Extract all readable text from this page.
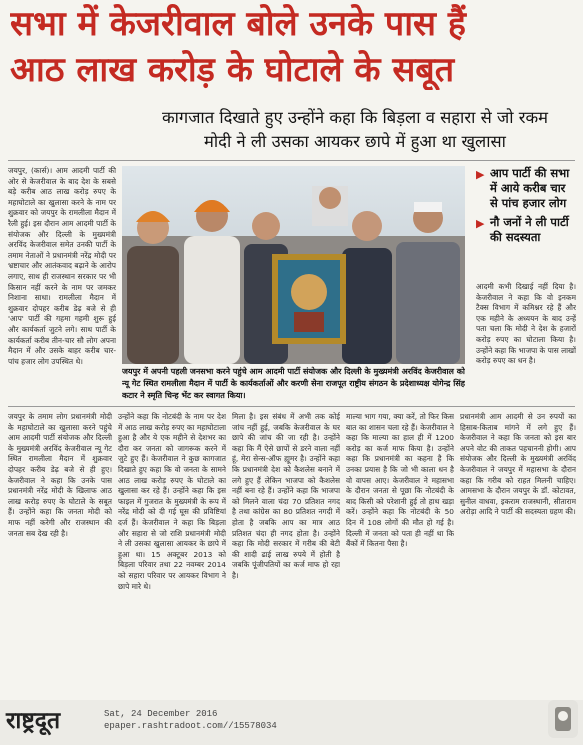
सभा में केजरीवाल बोले उनके पास हैं
आठ लाख करोड़ के घोटाले के सबूत
कागजात दिखाते हुए उन्होंने कहा कि बिड़ला व सहारा से जो रकम
मोदी ने ली उसका आयकर छापे में हुआ था खुलासा

जयपुर, (कार्स)। आम आदमी पार्टी की ओर से केजरीवाल के बाद देश के सबसे बड़े करीब आठ लाख करोड़ रुपए के महाघोटाले का खुलासा करने के नाम पर शुक्रवार को जयपुर के रामलीला मैदान में रैली हुई। इस दौरान आम आदमी पार्टी के संयोजक और दिल्ली के मुख्यमंत्री अरविंद केजरीवाल समेत उनकी पार्टी के तमाम नेताओं ने प्रधानमंत्री नरेंद्र मोदी पर भ्रष्टाचार और आतंकवाद बढ़ाने के आरोप लगाए, साथ ही राजस्थान सरकार पर भी किसान नहीं करने के नाम पर जमकर निशाना साधा। रामलीला मैदान में शुक्रवार दोपहर करीब डेढ़ बजे से ही 'आप' पार्टी की गहमा गहमी शुरू हुई और कार्यकर्ता जुटने लगे। साथ पार्टी के कार्यकर्ता करीब तीन-चार सौ लोग अपना मैदान में और उसके बाहर करीब चार-पांच हजार लोग उपस्थित थे।

जयपुर में अपनी पहली जनसभा करने पहुंचे आम आदमी पार्टी संयोजक और दिल्ली के मुख्यमंत्री अरविंद केजरीवाल को न्यू गेट स्थित रामलीला मैदान में पार्टी के कार्यकर्ताओं और करणी सेना राजपूत राष्ट्रीय संगठन के प्रदेशाध्यक्ष योगेन्द्र सिंह कटार ने स्मृति चिन्ह भेंट कर स्वागत किया।
▶ आप पार्टी की सभा में आये करीब चार से पांच हजार लोग
▶ नौ जनों ने ली पार्टी की सदस्यता

आदमी कभी दिखाई नहीं दिया है। केजरीवाल ने कहा कि वो इनकम टैक्स विभाग में कमिश्नर रहे हैं और एक महीने के अध्ययन के बाद उन्हें पता चला कि मोदी ने देश के हजारों करोड़ रुपए का घोटाला किया है। उन्होंने कहा कि भाजपा के पास लाखों करोड़ रुपए का धन है।

जयपुर के तमाम लोग प्रधानमंत्री मोदी के महाघोटाले का खुलासा करने पहुंचे आम आदमी पार्टी संयोजक और दिल्ली के मुख्यमंत्री अरविंद केजरीवाल न्यू गेट स्थित रामलीला मैदान में शुक्रवार दोपहर करीब डेढ़ बजे से ही हुए। केजरीवाल ने कहा कि उनके पास प्रधानमंत्री नरेंद्र मोदी के खिलाफ आठ लाख करोड़ रुपए के घोटाले के सबूत हैं। उन्होंने कहा कि जनता मोदी को माफ नहीं करेगी और राजस्थान की जनता सब देख रही है।

उन्होंने कहा कि नोटबंदी के नाम पर देश में आठ लाख करोड़ रुपए का महाघोटाला हुआ है और ये एक महीने से देशभर का दौरा कर जनता को जागरूक करने में जुटे हुए हैं। केजरीवाल ने कुछ कागजात दिखाते हुए कहा कि वो जनता के सामने आठ लाख करोड़ रुपए के घोटाले का खुलासा कर रहे हैं। उन्होंने कहा कि इस फाइल में गुजरात के मुख्यमंत्री के रूप में नरेंद्र मोदी को दी गई घूस की प्रविष्टियां दर्ज हैं। केजरीवाल ने कहा कि बिड़ला और सहारा से जो राशि प्रधानमंत्री मोदी ने ली उसका खुलासा आयकर के छापे में हुआ था। 15 अक्टूबर 2013 को बिड़ला परिवार तथा 22 नवम्बर 2014 को सहारा परिवार पर आयकर विभाग ने छापे मारे थे।

मिला है। इस संबंध में अभी तक कोई जांच नहीं हुई, जबकि केजरीवाल के घर छापे की जांच की जा रही है। उन्होंने कहा कि मैं ऐसे छापों से डरने वाला नहीं हूं, मेरा सेन्स-ऑफ ह्यूमर है। उन्होंने कहा कि प्रधानमंत्री देश को कैशलेस बनाने में लगे हुए हैं लेकिन भाजपा को कैशलेस नहीं बना रहे हैं। उन्होंने कहा कि भाजपा को मिलने वाला चंदा 70 प्रतिशत नगद है तथा कांग्रेस का 80 प्रतिशत नगदी में होता है जबकि आप का मात्र आठ प्रतिशत चंदा ही नगद होता है। उन्होंने कहा कि मोदी सरकार में गरीब की बेटी की शादी ढाई लाख रुपये में होती है जबकि पूंजीपतियों का कर्ज माफ हो रहा है।

माल्या भाग गया, क्या करें, तो फिर किस बात का शासन चला रहे हैं। केजरीवाल ने कहा कि माल्या का हाल ही में 1200 करोड़ का कर्ज माफ किया है। उन्होंने कहा कि प्रधानमंत्री का कहना है कि उनका प्रयास है कि जो भी काला धन है वो वापस आए। केजरीवाल ने महासभा के दौरान जनता से पूछा कि नोटबंदी के बाद किसी को परेशानी हुई तो हाथ खड़ा करें। उन्होंने कहा कि नोटबंदी के 50 दिन में 108 लोगों की मौत हो गई है। दिल्ली में जनता को पता ही नहीं था कि बैंकों में कितना पैसा है।

प्रधानमंत्री आम आदमी से उन रुपयों का हिसाब-किताब मांगने में लगे हुए हैं। केजरीवाल ने कहा कि जनता को इस बार अपने वोट की ताकत पहचाननी होगी। आप संयोजक और दिल्ली के मुख्यमंत्री अरविंद केजरीवाल ने जयपुर में महासभा के दौरान कहा कि गरीब को राहत मिलनी चाहिए। आमसभा के दौरान जयपुर के डॉ. कोटावत, सुनील वाधवा, इकराम राजस्थानी, सीताराम अरोड़ा आदि ने पार्टी की सदस्यता ग्रहण की।

राष्ट्रदूत	Sat, 24 December 2016
epaper.rashtradoot.com//15578034
